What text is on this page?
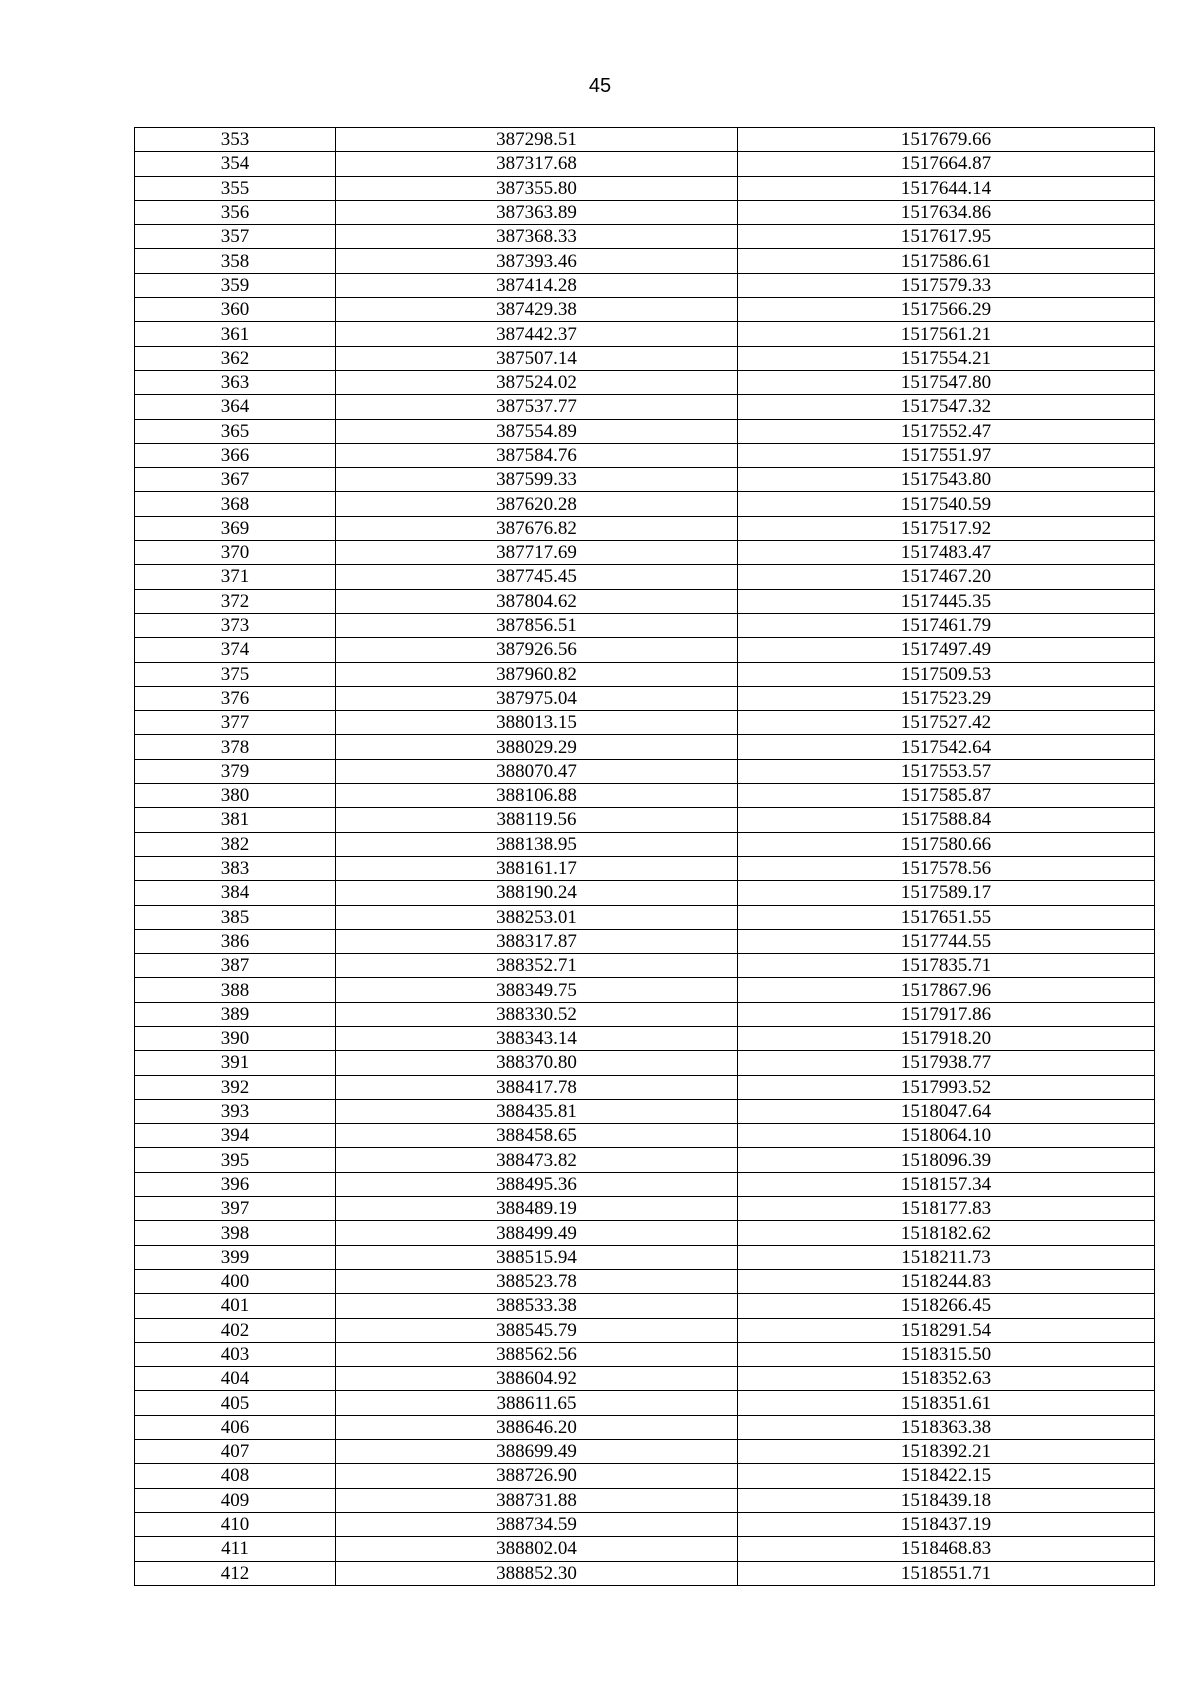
45
353	387298.51	1517679.66
354	387317.68	1517664.87
355	387355.80	1517644.14
356	387363.89	1517634.86
357	387368.33	1517617.95
358	387393.46	1517586.61
359	387414.28	1517579.33
360	387429.38	1517566.29
361	387442.37	1517561.21
362	387507.14	1517554.21
363	387524.02	1517547.80
364	387537.77	1517547.32
365	387554.89	1517552.47
366	387584.76	1517551.97
367	387599.33	1517543.80
368	387620.28	1517540.59
369	387676.82	1517517.92
370	387717.69	1517483.47
371	387745.45	1517467.20
372	387804.62	1517445.35
373	387856.51	1517461.79
374	387926.56	1517497.49
375	387960.82	1517509.53
376	387975.04	1517523.29
377	388013.15	1517527.42
378	388029.29	1517542.64
379	388070.47	1517553.57
380	388106.88	1517585.87
381	388119.56	1517588.84
382	388138.95	1517580.66
383	388161.17	1517578.56
384	388190.24	1517589.17
385	388253.01	1517651.55
386	388317.87	1517744.55
387	388352.71	1517835.71
388	388349.75	1517867.96
389	388330.52	1517917.86
390	388343.14	1517918.20
391	388370.80	1517938.77
392	388417.78	1517993.52
393	388435.81	1518047.64
394	388458.65	1518064.10
395	388473.82	1518096.39
396	388495.36	1518157.34
397	388489.19	1518177.83
398	388499.49	1518182.62
399	388515.94	1518211.73
400	388523.78	1518244.83
401	388533.38	1518266.45
402	388545.79	1518291.54
403	388562.56	1518315.50
404	388604.92	1518352.63
405	388611.65	1518351.61
406	388646.20	1518363.38
407	388699.49	1518392.21
408	388726.90	1518422.15
409	388731.88	1518439.18
410	388734.59	1518437.19
411	388802.04	1518468.83
412	388852.30	1518551.71
